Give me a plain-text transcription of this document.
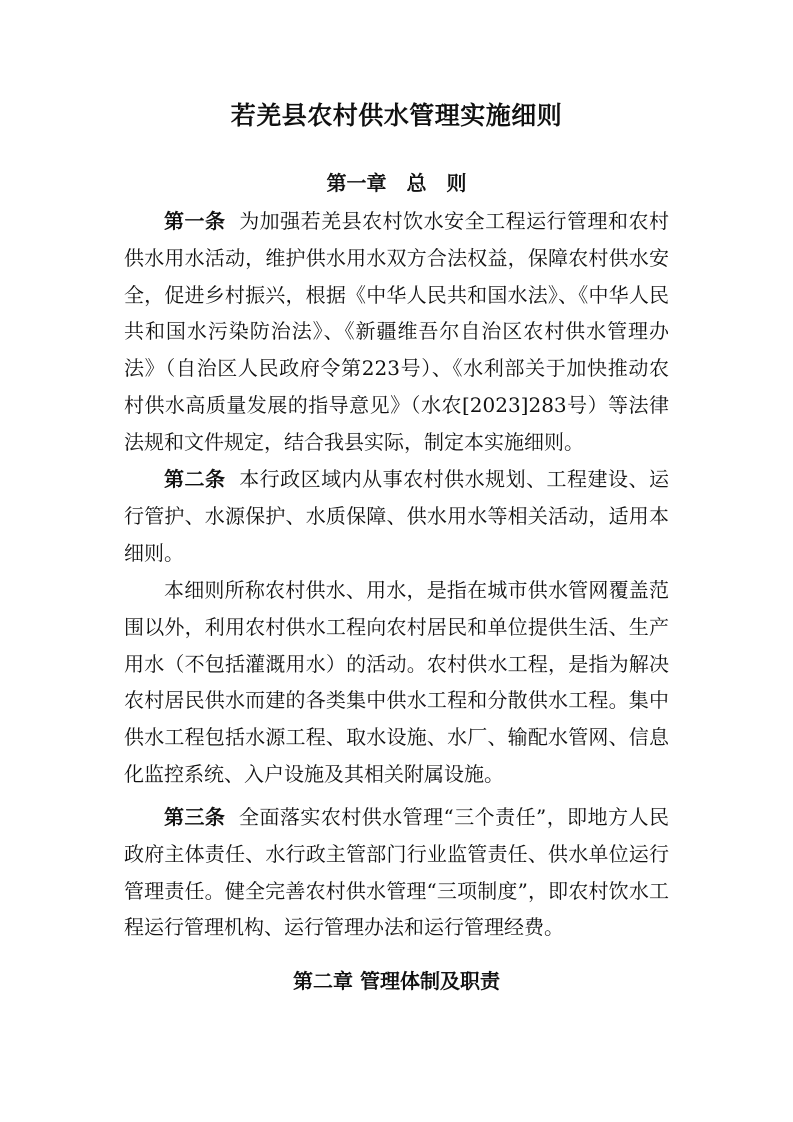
若羌县农村供水管理实施细则
第一章　 总　则

第一条 为加强若羌县农村饮水安全工程运行管理和农村供水用水活动，维护供水用水双方合法权益，保障农村供水安全，促进乡村振兴，根据《中华人民共和国水法》、《中华人民共和国水污染防治法》、《新疆维吾尔自治区农村供水管理办法》（自治区人民政府令第223号）、《水利部关于加快推动农村供水高质量发展的指导意见》（水农[2023]283号）等法律法规和文件规定，结合我县实际，制定本实施细则。

第二条 本行政区域内从事农村供水规划、工程建设、运行管护、水源保护、水质保障、供水用水等相关活动，适用本细则。

本细则所称农村供水、用水，是指在城市供水管网覆盖范围以外，利用农村供水工程向农村居民和单位提供生活、生产用水（不包括灌溉用水）的活动。农村供水工程，是指为解决农村居民供水而建的各类集中供水工程和分散供水工程。集中供水工程包括水源工程、取水设施、水厂、输配水管网、信息化监控系统、入户设施及其相关附属设施。

第三条 全面落实农村供水管理“三个责任”，即地方人民政府主体责任、水行政主管部门行业监管责任、供水单位运行管理责任。健全完善农村供水管理“三项制度”，即农村饮水工程运行管理机构、运行管理办法和运行管理经费。

第二章 管理体制及职责
